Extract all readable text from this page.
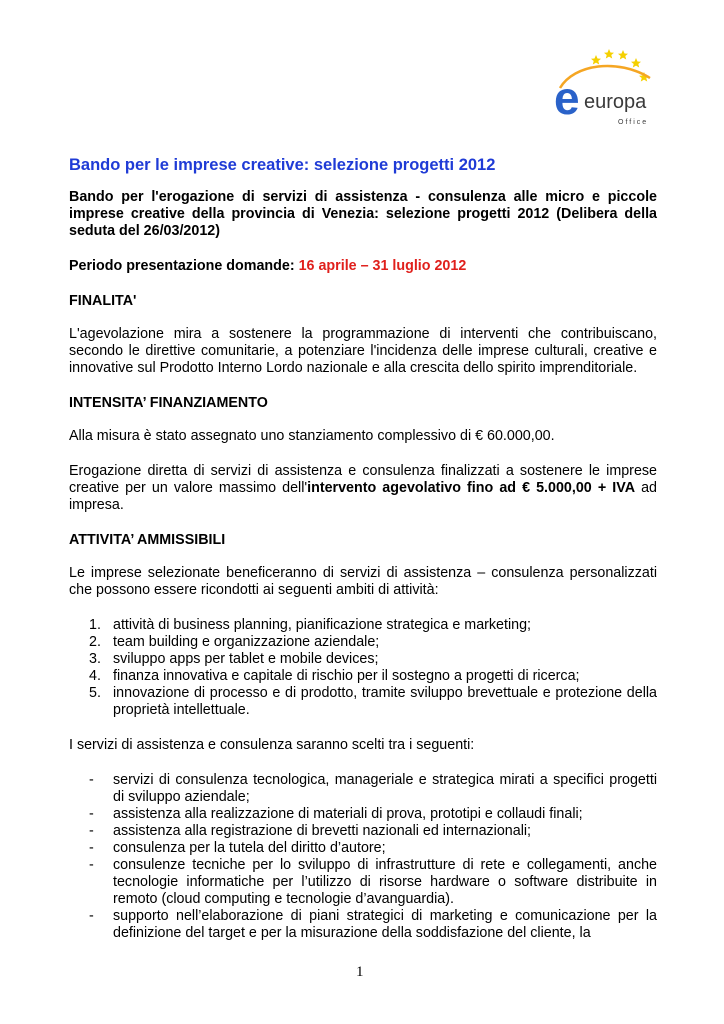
e europa
Office
Bando per le imprese creative: selezione progetti 2012

Bando per l'erogazione di servizi di assistenza - consulenza alle micro e piccole imprese creative della provincia di Venezia: selezione progetti 2012 (Delibera della seduta del 26/03/2012)

Periodo presentazione domande: 16 aprile – 31 luglio 2012

FINALITA'

L'agevolazione mira a sostenere la programmazione di interventi che contribuiscano, secondo le direttive comunitarie, a potenziare l'incidenza delle imprese culturali, creative e innovative sul Prodotto Interno Lordo nazionale e alla crescita dello spirito imprenditoriale.

INTENSITA’ FINANZIAMENTO

Alla misura è stato assegnato uno stanziamento complessivo di € 60.000,00.

Erogazione diretta di servizi di assistenza e consulenza finalizzati a sostenere le imprese creative per un valore massimo dell'intervento agevolativo fino ad € 5.000,00 + IVA ad impresa.

ATTIVITA’ AMMISSIBILI

Le imprese selezionate beneficeranno di servizi di assistenza – consulenza personalizzati che possono essere ricondotti ai seguenti ambiti di attività:

1. attività di business planning, pianificazione strategica e marketing;
2. team building e organizzazione aziendale;
3. sviluppo apps per tablet e mobile devices;
4. finanza innovativa e capitale di rischio per il sostegno a progetti di ricerca;
5. innovazione di processo e di prodotto, tramite sviluppo brevettuale e protezione della proprietà intellettuale.

I servizi di assistenza e consulenza saranno scelti tra i seguenti:

- servizi di consulenza tecnologica, manageriale e strategica mirati a specifici progetti di sviluppo aziendale;
- assistenza alla realizzazione di materiali di prova, prototipi e collaudi finali;
- assistenza alla registrazione di brevetti nazionali ed internazionali;
- consulenza per la tutela del diritto d’autore;
- consulenze tecniche per lo sviluppo di infrastrutture di rete e collegamenti, anche tecnologie informatiche per l’utilizzo di risorse hardware o software distribuite in remoto (cloud computing e tecnologie d’avanguardia).
- supporto nell’elaborazione di piani strategici di marketing e comunicazione per la definizione del target e per la misurazione della soddisfazione del cliente, la
1
